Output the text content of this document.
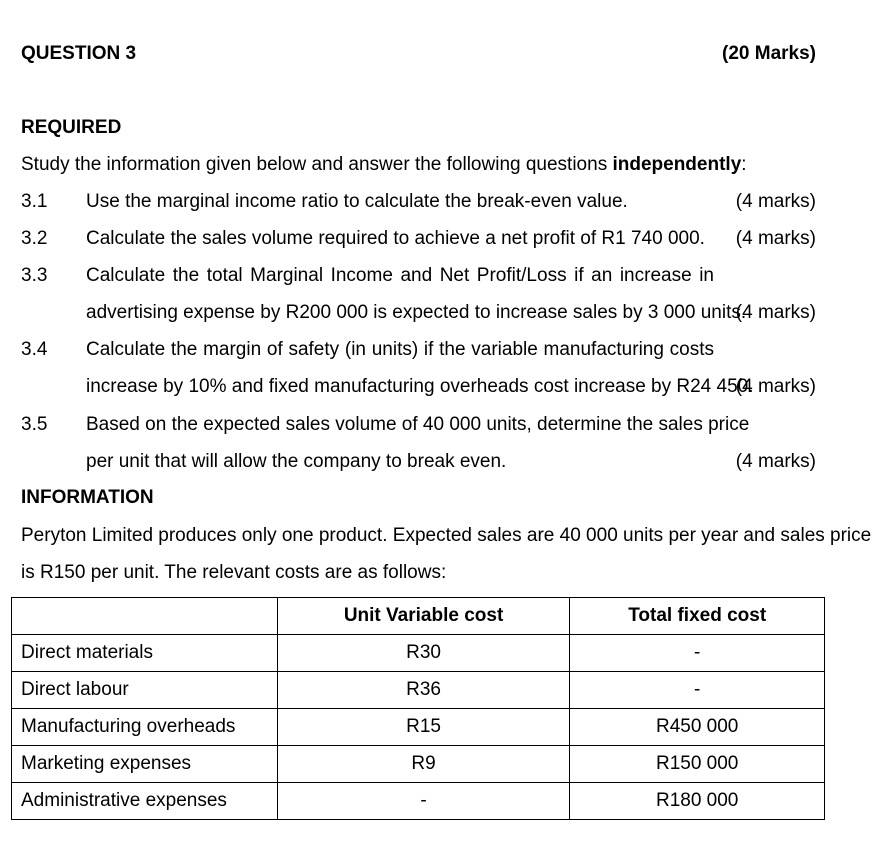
QUESTION 3	(20 Marks)
REQUIRED
Study the information given below and answer the following questions independently:
3.1 Use the marginal income ratio to calculate the break-even value.	(4 marks)
3.2 Calculate the sales volume required to achieve a net profit of R1 740 000. (4 marks)
3.3 Calculate the total Marginal Income and Net Profit/Loss if an increase in
advertising expense by R200 000 is expected to increase sales by 3 000 units.
(4 marks)
3.4 Calculate the margin of safety (in units) if the variable manufacturing costs
increase by 10% and fixed manufacturing overheads cost increase by R24 450.
(4 marks)
3.5 Based on the expected sales volume of 40 000 units, determine the sales price
per unit that will allow the company to break even.	(4 marks)
INFORMATION
Peryton Limited produces only one product. Expected sales are 40 000 units per year and sales price
is R150 per unit. The relevant costs are as follows:
	Unit Variable cost	Total fixed cost
Direct materials	R30	-
Direct labour	R36	-
Manufacturing overheads	R15	R450 000
Marketing expenses	R9	R150 000
Administrative expenses	-	R180 000
